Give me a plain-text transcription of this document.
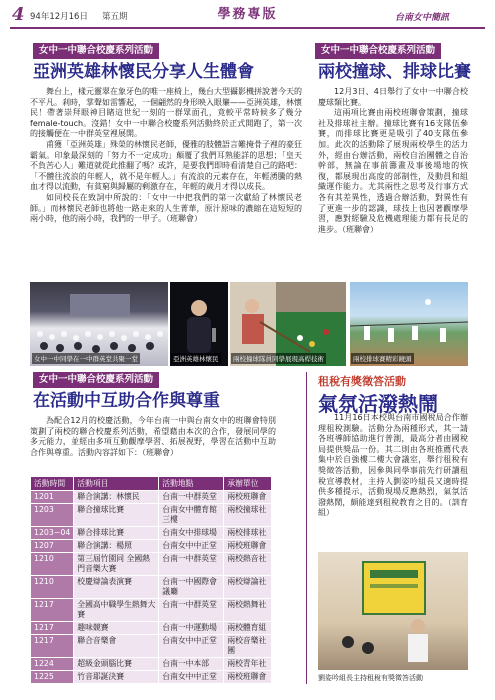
4 94年12月16日 第五期	學務專版	台南女中簡訊
女中一中聯合校慶系列活動
亞洲英雄林懷民分享人生體會

舞台上，樣元靈翠在象牙色的唯一座椅上，幾台大型攝影機拼說著今天的不平凡。剎時，掌聲如雷響起，一個翩然的身形映入眼簾——亞洲英雄，林懷民！帶著崇拜眼神目睹這世紀一刻的一群眾面孔，竟較平常時候多了幾分female-touch。沒錯！女中一中聯合校慶系列活動終於正式開跑了，第一次的接觸便在一中群英堂裡展開。

甫獲「亞洲英雄」殊榮的林懷民老師，優雅的肢體語言難掩骨子裡的豪狂霸氣。印象最深刻的「努力不一定成功」顛覆了我們耳熟能詳的思想；「皇天不負苦心人」難道就從此推翻了嗎？或許，是要我們即時看清楚自己的路吧：「不體往流浪的年輕人，就不是年輕人。」有流浪的元素存在，年輕湧騰的熱血才得以流動，有貧窮與歸屬的剩激存在，年輕的歲月才得以成長。

如同校長在致詞中所說的：「女中一中把我們的第一次獻給了林懷民老師。」而林懷民老師也將他一路走來的人生菁華，原汁原味的濃縮在這短短的兩小時，他的兩小時，我們的一甲子。（班聯會）

女中一中聯合校慶系列活動
兩校撞球、排球比賽

12月3日、4日舉行了女中一中聯合校慶球類比賽。

這兩項比賽由兩校班聯會策劃，撞球社及排球社主辦。撞球比賽有16支隊伍參賽，而排球比賽更是吸引了40支隊伍參加。此次的活動除了展現兩校學生的活力外，經由台辦活動，兩校自治團體之自治幹部，無論在事前籌畫及事後場地的恢復，都展現出高度的部制性，及動員和組織運作能力。尤其兩性之思考及行事方式各有其差異性，透過合辦活動，對異性有了更進一步的認識，球技上也因著觀摩學習，應對經驗及危機處理能力都有長足的進步。（班聯會）

女中一中同學在一中群英堂共聚一堂	亞洲英雄林懷民	兩校撞球隊員同學展現高桿技術	兩校排球賽精彩鏡頭
女中一中聯合校慶系列活動
在活動中互助合作與尊重

為配合12月的校慶活動，今年台南一中與台南女中的班聯會特別策劃了兩校的聯合校慶系列活動，希望藉由本次的合作，發展同學的多元能力，並經由多項互動觀摩學習、拓展視野，學習在活動中互助合作與尊重。活動內容詳如下：（班聯會）

活動時間	活動項目	活動地點	承辦單位
1201	聯合演講：林懷民	台南一中群英堂	兩校班聯會
1203	聯合撞球比賽	台南女中體育館三樓	兩校撞球社
1203~04	聯合排球比賽	台南女中排球場	兩校排球社
1207	聯合演講：楊照	台南女中中正堂	兩校班聯會
1210	第三屆竹園同 全國熱門音樂大賽	台南一中群英堂	兩校熱音社
1210	校慶辯論表演賽	台南一中國際會議廳	兩校辯論社
1217	全國高中職學生熱舞大賽	台南一中群英堂	兩校熱舞社
1217	趣味競賽	台南一中運動場	兩校體育組
1217	聯合音樂會	台南女中中正堂	兩校音樂社團
1224	超級金頭腦比賽	台南一中本部	兩校青年社
1225	竹音耶誕決賽	台南女中中正堂	兩校班聯會
租稅有獎徵答活動
氣氛活潑熱鬧

11月16日本校與台南市國稅局合作辦理租稅測驗。活動分為兩種形式，其一請各班導師協助進行普測，最高分者由國稅局提供獎品一份。其二則由各班推薦代表集中於自強樓二樓大會議室，舉行租稅有獎徵答活動，因參與同學事前先行研讀租稅宣導教材，主持人劉姿吟組長又適時提供多種提示，活動現場反應熱烈，氣氛活潑熱鬧，頗能達到租稅教育之目的。（訓育組）

劉姿吟組長主持租稅有獎徵答活動
